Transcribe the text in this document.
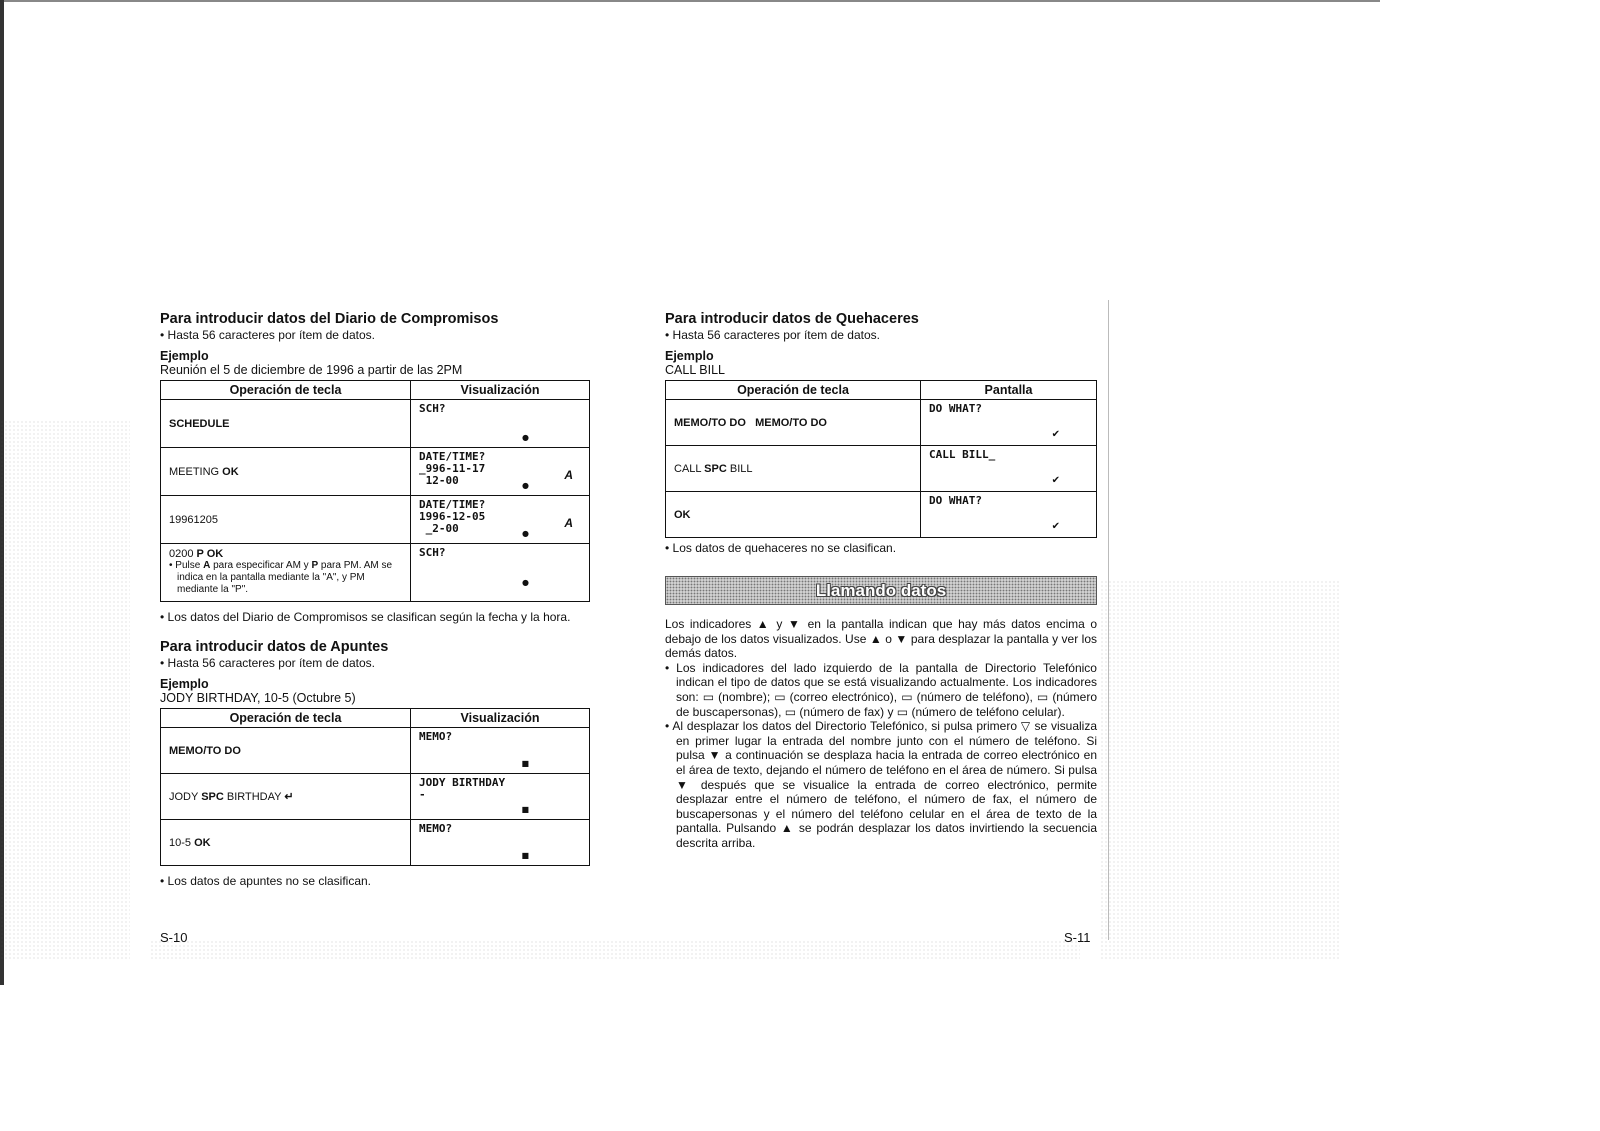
Para introducir datos del Diario de Compromisos

• Hasta 56 caracteres por ítem de datos.

Ejemplo

Reunión el 5 de diciembre de 1996 a partir de las 2PM

Operación de tecla	Visualización
SCHEDULE	SCH?
●

MEETING OK	DATE/TIME?
_996-11-17
12-00 A
●

19961205	DATE/TIME?
1996-12-05
_2-00 A
●

0200 P OK
• Pulse A para especificar AM y P para PM. AM se indica en la pantalla mediante la "A", y PM mediante la "P".	SCH?
●

• Los datos del Diario de Compromisos se clasifican según la fecha y la hora.

Para introducir datos de Apuntes

• Hasta 56 caracteres por ítem de datos.

Ejemplo

JODY BIRTHDAY, 10-5 (Octubre 5)

Operación de tecla	Visualización
MEMO/TO DO	MEMO?
■

JODY SPC BIRTHDAY ↵	JODY BIRTHDAY
-
■

10-5 OK	MEMO?
■

• Los datos de apuntes no se clasifican.

S-10
Para introducir datos de Quehaceres

• Hasta 56 caracteres por ítem de datos.

Ejemplo

CALL BILL

Operación de tecla	Pantalla
MEMO/TO DO   MEMO/TO DO	DO WHAT?
✔

CALL SPC BILL	CALL BILL_
✔

OK	DO WHAT?
✔

• Los datos de quehaceres no se clasifican.

Llamando datos

Los indicadores ▲ y ▼ en la pantalla indican que hay más datos encima o debajo de los datos visualizados. Use ▲ o ▼ para desplazar la pantalla y ver los demás datos.

• Los indicadores del lado izquierdo de la pantalla de Directorio Telefónico indican el tipo de datos que se está visualizando actualmente. Los indicadores son: ▭ (nombre); ▭ (correo electrónico), ▭ (número de teléfono), ▭ (número de buscapersonas), ▭ (número de fax) y ▭ (número de teléfono celular).

• Al desplazar los datos del Directorio Telefónico, si pulsa primero ▽ se visualiza en primer lugar la entrada del nombre junto con el número de teléfono. Si pulsa ▼ a continuación se desplaza hacia la entrada de correo electrónico en el área de texto, dejando el número de teléfono en el área de número. Si pulsa ▼ después que se visualice la entrada de correo electrónico, permite desplazar entre el número de teléfono, el número de fax, el número de buscapersonas y el número del teléfono celular en el área de texto de la pantalla. Pulsando ▲ se podrán desplazar los datos invirtiendo la secuencia descrita arriba.

S-11
